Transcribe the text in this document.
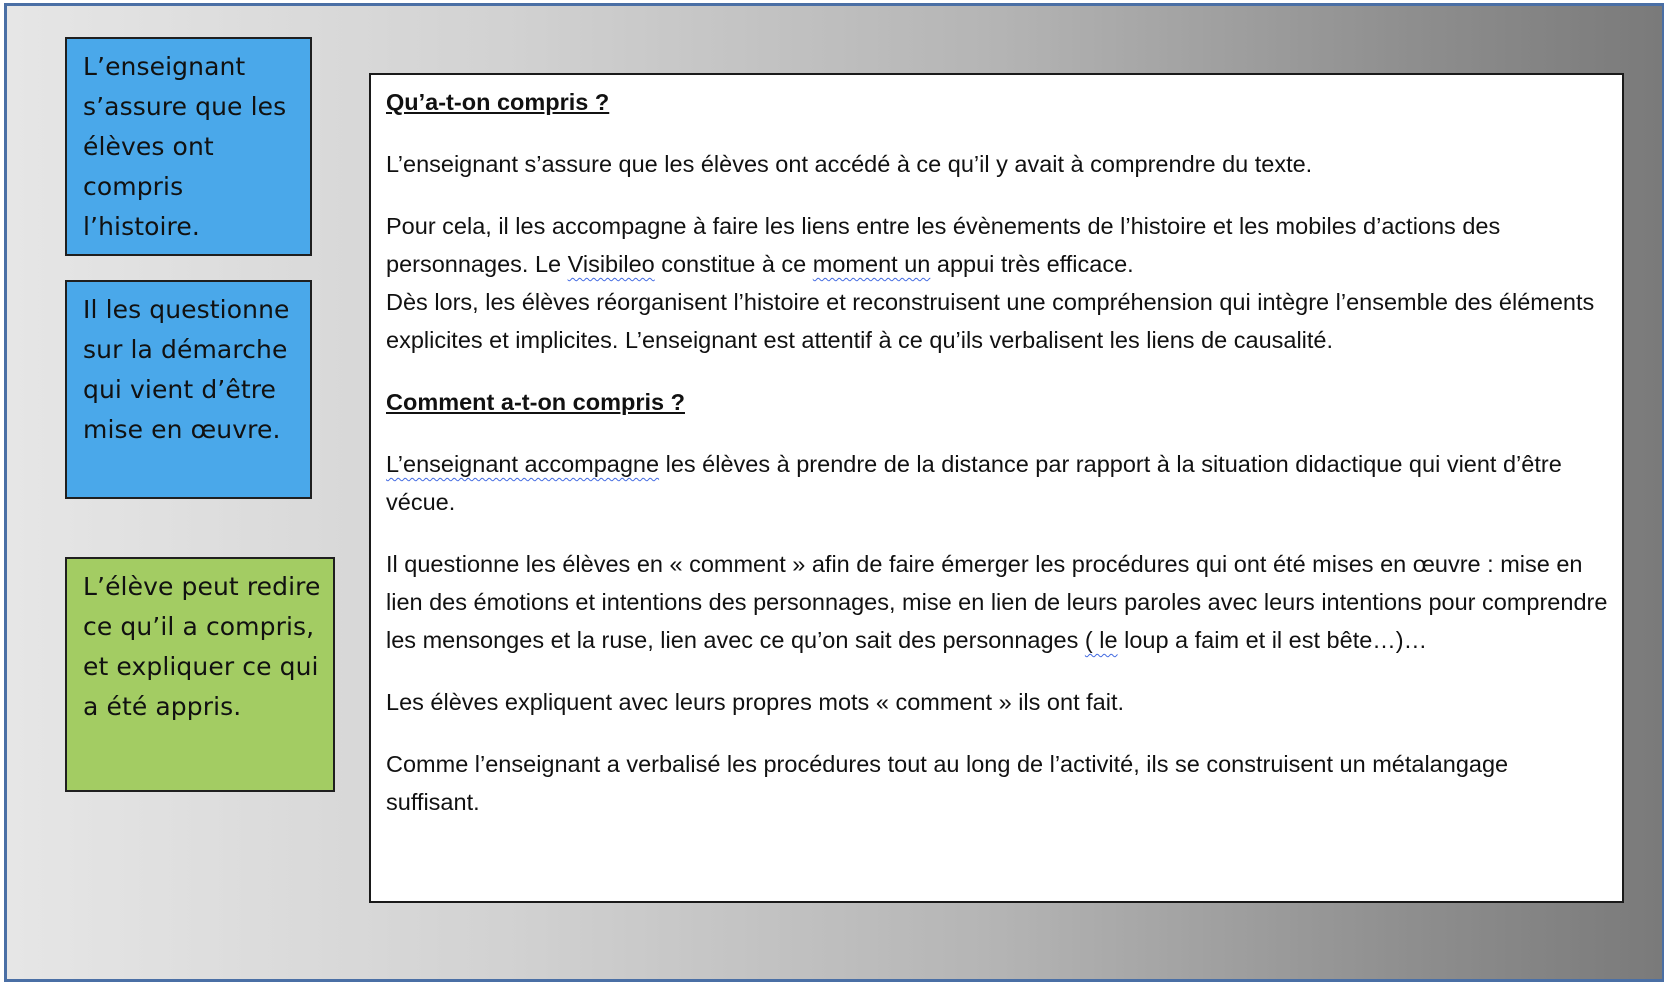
L’enseignant s’assure que les élèves ont compris l’histoire.
Il les questionne sur la démarche qui vient d’être mise en œuvre.
L’élève peut redire ce qu’il a compris, et expliquer ce qui a été appris.

Qu’a-t-on compris ?

L’enseignant s’assure que les élèves ont accédé à ce qu’il y avait à comprendre du texte.

Pour cela, il les accompagne à faire les liens entre les évènements de l’histoire et les mobiles d’actions des personnages. Le Visibileo constitue à ce moment un appui très efficace.

Dès lors, les élèves réorganisent l’histoire et reconstruisent une compréhension qui intègre l’ensemble des éléments explicites et implicites. L’enseignant est attentif à ce qu’ils verbalisent les liens de causalité.

Comment a-t-on compris ?

L’enseignant accompagne les élèves à prendre de la distance par rapport à la situation didactique qui vient d’être vécue.

Il questionne les élèves en « comment » afin de faire émerger les procédures qui ont été mises en œuvre : mise en lien des émotions et intentions des personnages, mise en lien de leurs paroles avec leurs intentions pour comprendre les mensonges et la ruse, lien avec ce qu’on sait des personnages ( le loup a faim et il est bête…)…

Les élèves expliquent avec leurs propres mots « comment » ils ont fait.

Comme l’enseignant a verbalisé les procédures tout au long de l’activité, ils se construisent un métalangage suffisant.
